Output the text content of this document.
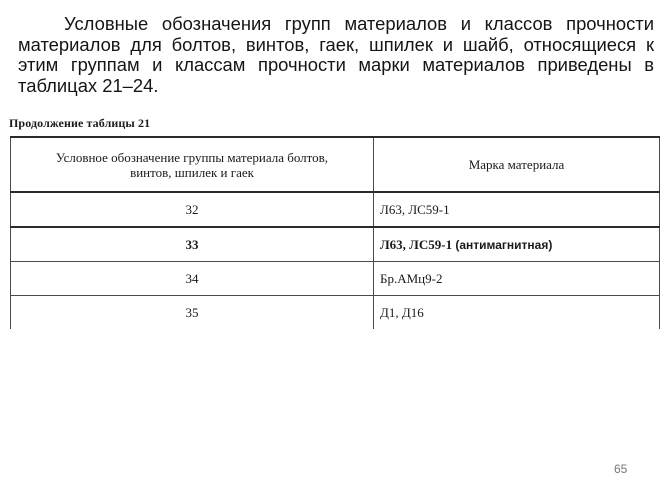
Условные обозначения групп материалов и классов прочности материалов для болтов, винтов, гаек, шпилек и шайб, относящиеся к этим группам и классам прочности марки материалов приведены в таблицах 21–24.

Продолжение таблицы 21
Условное обозначение группы материала болтов,
винтов, шпилек и гаек	Марка материала
32	Л63, ЛС59-1
33	Л63, ЛС59-1 (антимагнитная)
34	Бр.АМц9-2
35	Д1, Д16
65
